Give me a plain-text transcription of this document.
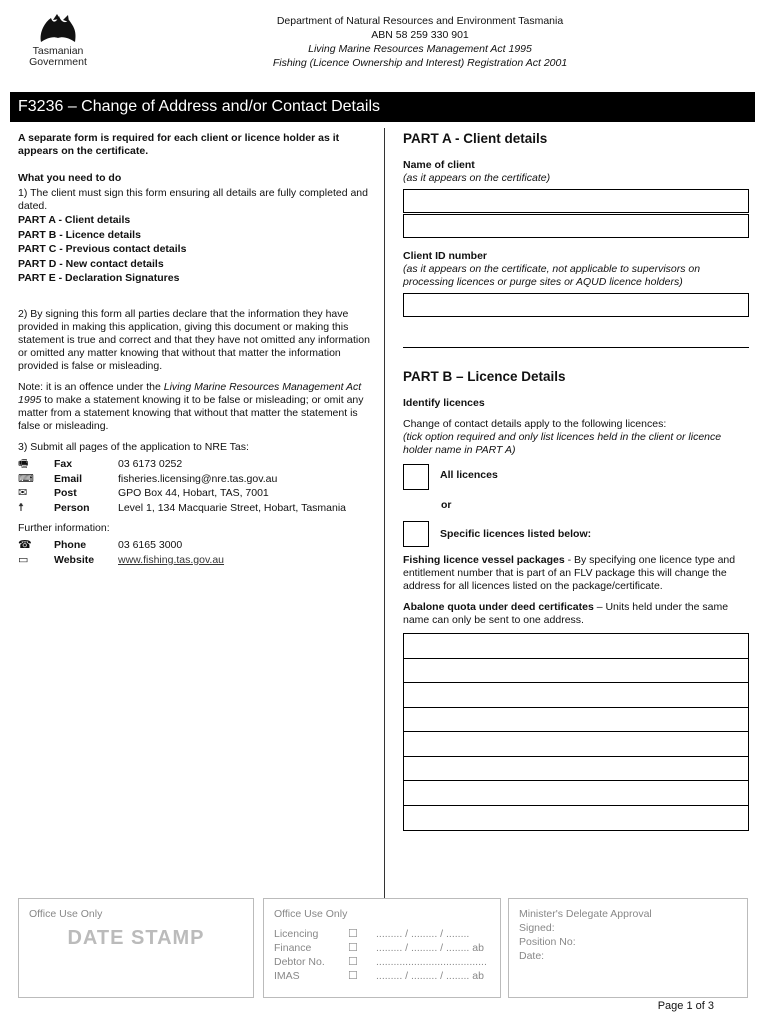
Tasmanian
Government
Department of Natural Resources and Environment Tasmania
ABN 58 259 330 901
Living Marine Resources Management Act 1995
Fishing (Licence Ownership and Interest) Registration Act 2001
F3236 – Change of Address and/or Contact Details

A separate form is required for each client or licence holder as it appears on the certificate.

What you need to do

1) The client must sign this form ensuring all details are fully completed and dated.

PART A - Client details

PART B - Licence details

PART C - Previous contact details

PART D - New contact details

PART E - Declaration Signatures

2) By signing this form all parties declare that the information they have provided in making this application, giving this document or making this statement is true and correct and that they have not omitted any information or omitted any matter knowing that without that matter the information provided is false or misleading.

Note: it is an offence under the Living Marine Resources Management Act 1995 to make a statement knowing it to be false or misleading; or omit any matter from a statement knowing that without that matter the statement is false or misleading.

3) Submit all pages of the application to NRE Tas:

🖷	Fax	03 6173 0252
⌨	Email	fisheries.licensing@nre.tas.gov.au
✉	Post	GPO Box 44, Hobart, TAS, 7001
☨	Person	Level 1, 134 Macquarie Street, Hobart, Tasmania

Further information:

☎	Phone	03 6165 3000
▭	Website	www.fishing.tas.gov.au
PART A - Client details
Name of client
(as it appears on the certificate)
Client ID number
(as it appears on the certificate, not applicable to supervisors on processing licences or purge sites or AQUD licence holders)
PART B – Licence Details
Identify licences
Change of contact details apply to the following licences:
(tick option required and only list licences held in the client or licence holder name in PART A)
All licences
or
Specific licences listed below:
Fishing licence vessel packages - By specifying one licence type and entitlement number that is part of an FLV package this will change the address for all licences listed on the package/certificate.
Abalone quota under deed certificates – Units held under the same name can only be sent to one address.
Office Use Only
DATE STAMP
Office Use Only
Licencing	☐	......... / ......... / ........
Finance	☐	......... / ......... / ........ ab
Debtor No.	☐	......................................
IMAS	☐	......... / ......... / ........ ab
Minister's Delegate Approval
Signed:
Position No:
Date:
Page 1 of 3
